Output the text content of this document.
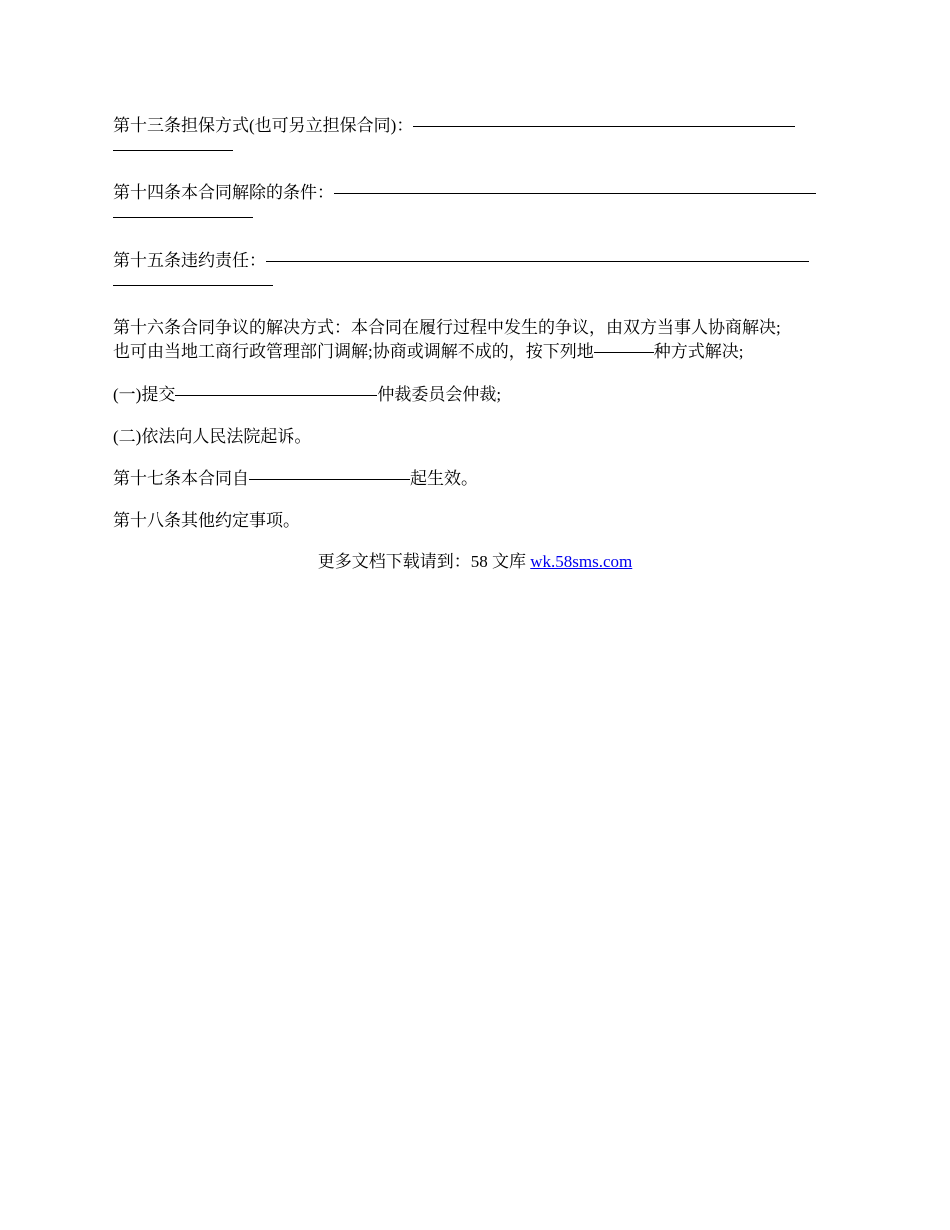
第十三条担保方式(也可另立担保合同)：
第十四条本合同解除的条件：
第十五条违约责任：
第十六条合同争议的解决方式：本合同在履行过程中发生的争议，由双方当事人协商解决;
也可由当地工商行政管理部门调解;协商或调解不成的，按下列地	种方式解决;
(一)提交	仲裁委员会仲裁;
(二)依法向人民法院起诉。
第十七条本合同自	起生效。
第十八条其他约定事项。
更多文档下载请到：58 文库 wk.58sms.com
